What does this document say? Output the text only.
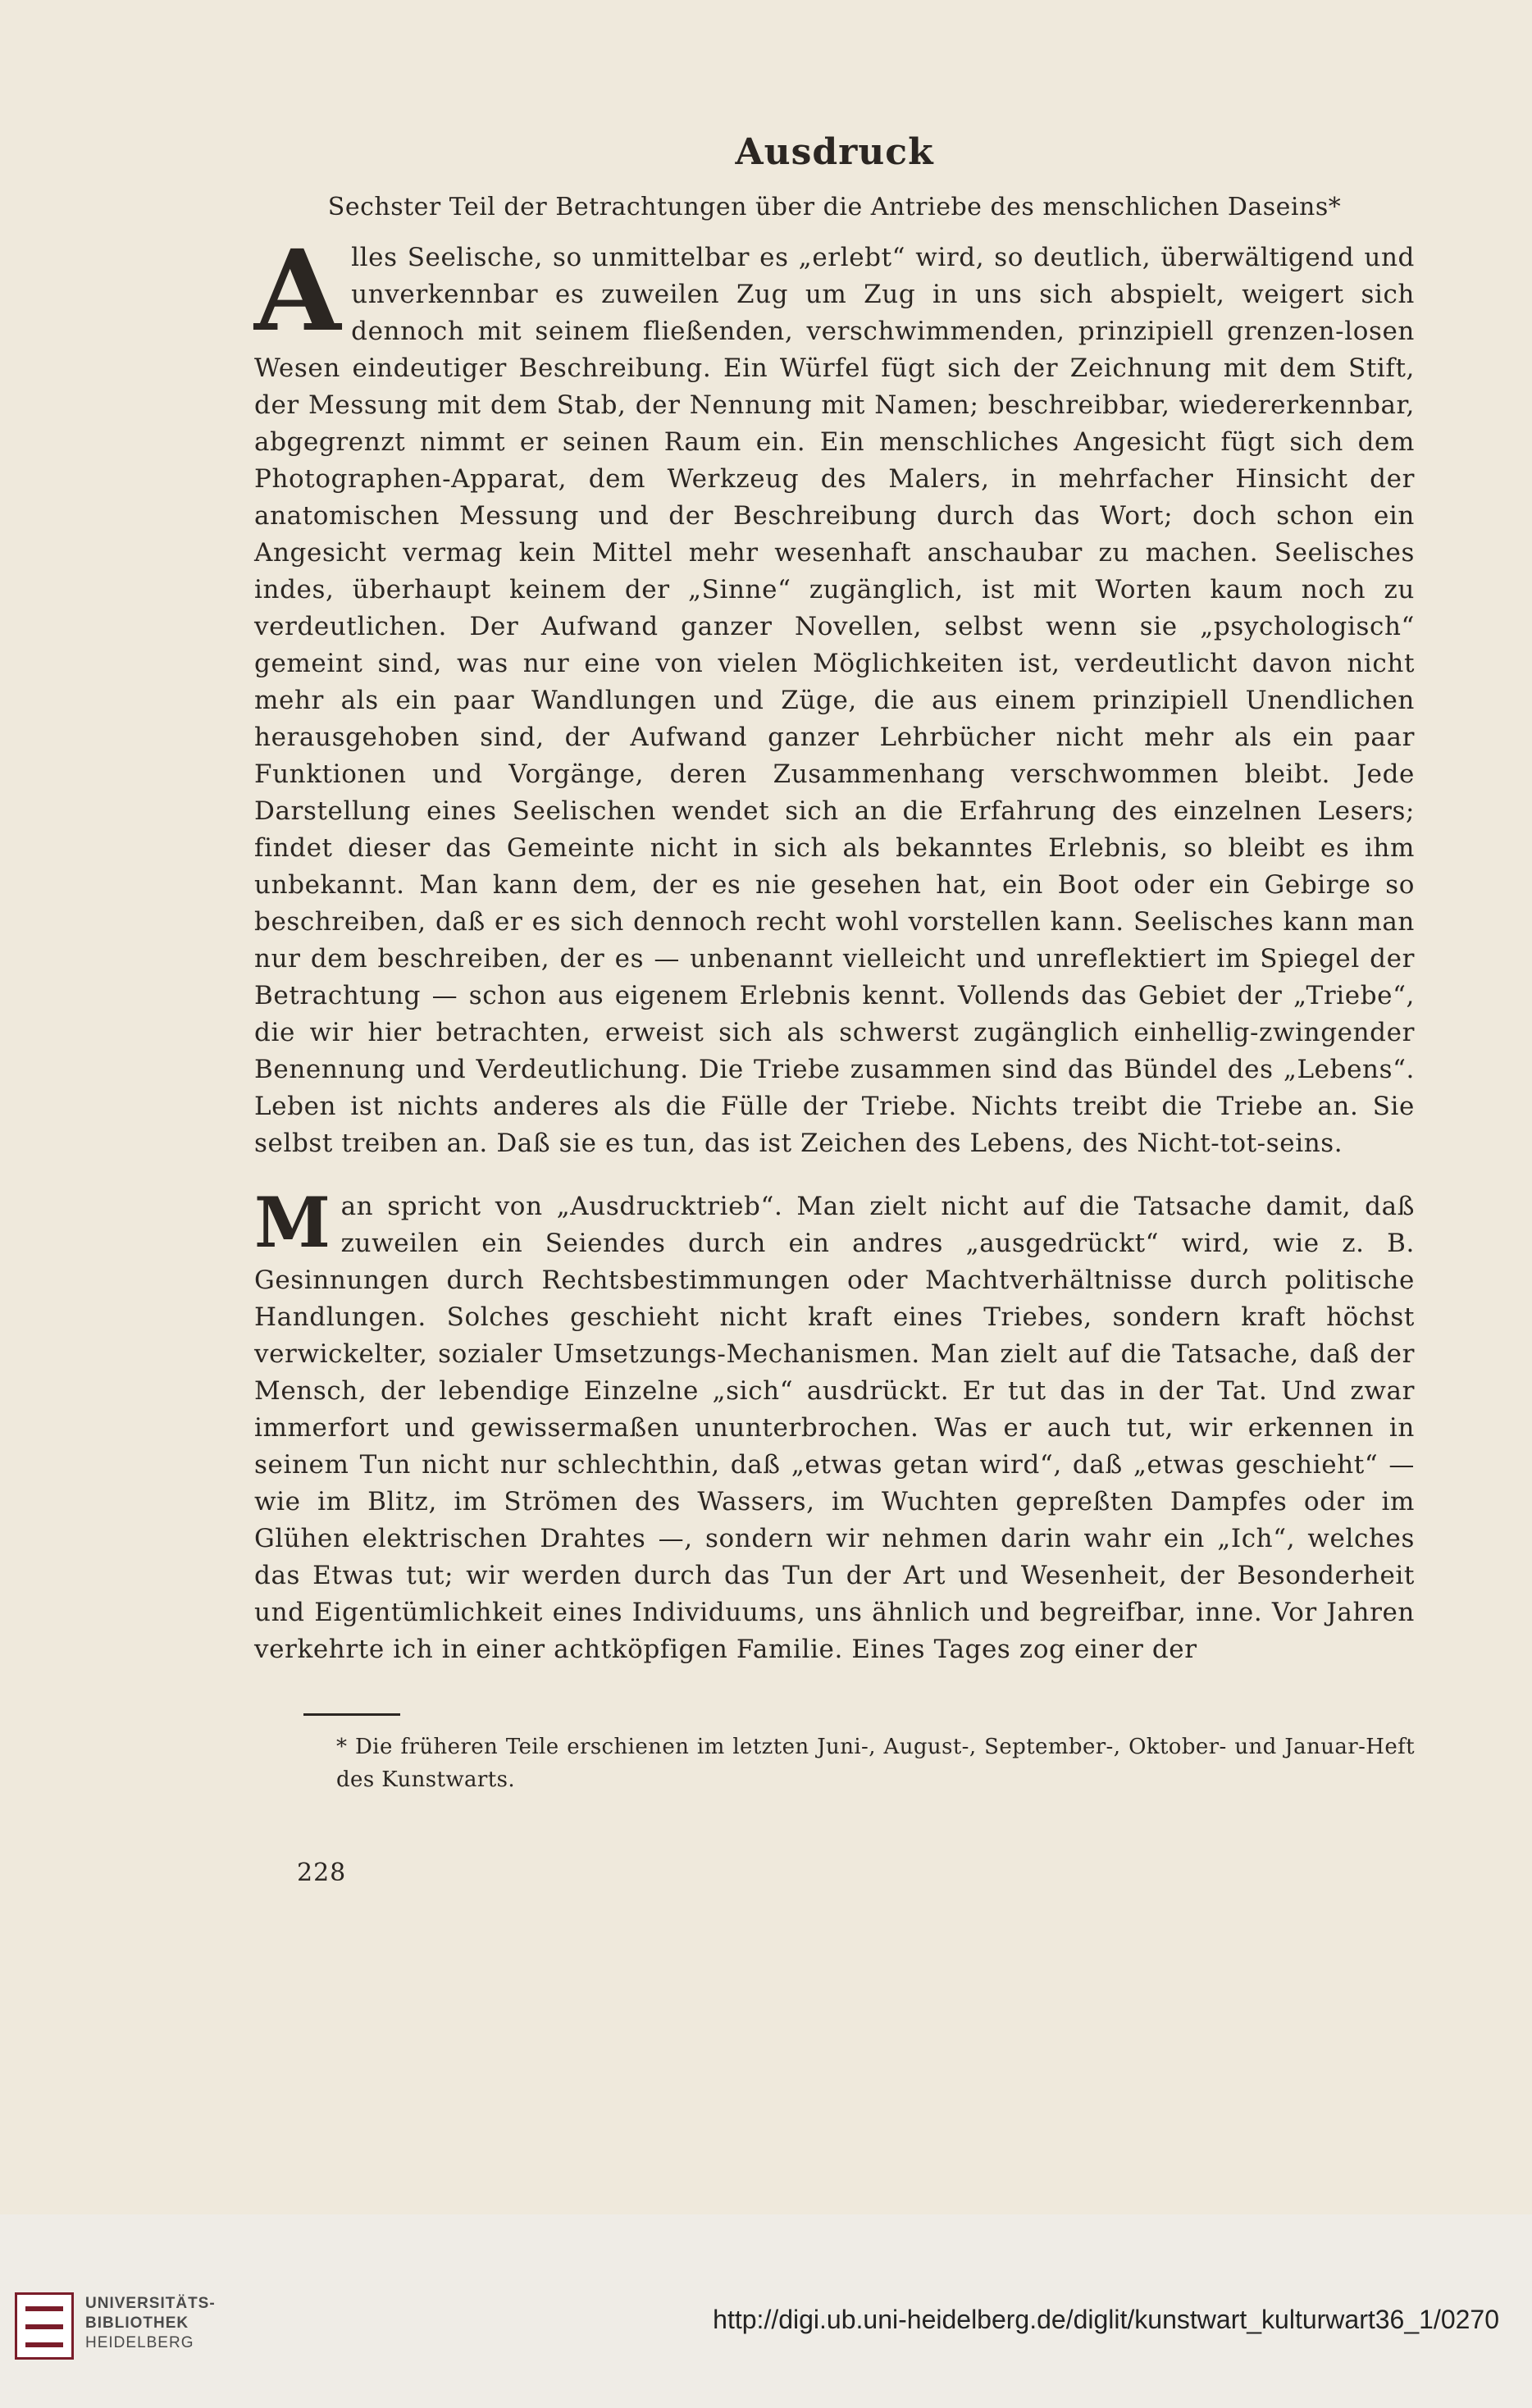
Ausdruck
Sechster Teil der Betrachtungen über die Antriebe des menschlichen Daseins*

A lles Seelische, so unmittelbar es „erlebt“ wird, so deutlich, überwältigend und unverkennbar es zuweilen Zug um Zug in uns sich abspielt, weigert sich dennoch mit seinem fließenden, verschwimmenden, prinzipiell grenzen-losen Wesen eindeutiger Beschreibung. Ein Würfel fügt sich der Zeichnung mit dem Stift, der Messung mit dem Stab, der Nennung mit Namen; beschreibbar, wiedererkennbar, abgegrenzt nimmt er seinen Raum ein. Ein menschliches Angesicht fügt sich dem Photographen-Apparat, dem Werkzeug des Malers, in mehrfacher Hinsicht der anatomischen Messung und der Beschreibung durch das Wort; doch schon ein Angesicht vermag kein Mittel mehr wesenhaft anschaubar zu machen. Seelisches indes, überhaupt keinem der „Sinne“ zugänglich, ist mit Worten kaum noch zu verdeutlichen. Der Aufwand ganzer Novellen, selbst wenn sie „psychologisch“ gemeint sind, was nur eine von vielen Möglichkeiten ist, verdeutlicht davon nicht mehr als ein paar Wandlungen und Züge, die aus einem prinzipiell Unendlichen herausgehoben sind, der Aufwand ganzer Lehrbücher nicht mehr als ein paar Funktionen und Vorgänge, deren Zusammenhang verschwommen bleibt. Jede Darstellung eines Seelischen wendet sich an die Erfahrung des einzelnen Lesers; findet dieser das Gemeinte nicht in sich als bekanntes Erlebnis, so bleibt es ihm unbekannt. Man kann dem, der es nie gesehen hat, ein Boot oder ein Gebirge so beschreiben, daß er es sich dennoch recht wohl vorstellen kann. Seelisches kann man nur dem beschreiben, der es — unbenannt vielleicht und unreflektiert im Spiegel der Betrachtung — schon aus eigenem Erlebnis kennt. Vollends das Gebiet der „Triebe“, die wir hier betrachten, erweist sich als schwerst zugänglich einhellig-zwingender Benennung und Verdeutlichung. Die Triebe zusammen sind das Bündel des „Lebens“. Leben ist nichts anderes als die Fülle der Triebe. Nichts treibt die Triebe an. Sie selbst treiben an. Daß sie es tun, das ist Zeichen des Lebens, des Nicht-tot-seins.

M an spricht von „Ausdrucktrieb“. Man zielt nicht auf die Tatsache damit, daß zuweilen ein Seiendes durch ein andres „ausgedrückt“ wird, wie z. B. Gesinnungen durch Rechtsbestimmungen oder Machtverhältnisse durch politische Handlungen. Solches geschieht nicht kraft eines Triebes, sondern kraft höchst verwickelter, sozialer Umsetzungs-Mechanismen. Man zielt auf die Tatsache, daß der Mensch, der lebendige Einzelne „sich“ ausdrückt. Er tut das in der Tat. Und zwar immerfort und gewissermaßen ununterbrochen. Was er auch tut, wir erkennen in seinem Tun nicht nur schlechthin, daß „etwas getan wird“, daß „etwas geschieht“ — wie im Blitz, im Strömen des Wassers, im Wuchten gepreßten Dampfes oder im Glühen elektrischen Drahtes —, sondern wir nehmen darin wahr ein „Ich“, welches das Etwas tut; wir werden durch das Tun der Art und Wesenheit, der Besonderheit und Eigentümlichkeit eines Individuums, uns ähnlich und begreifbar, inne. Vor Jahren verkehrte ich in einer achtköpfigen Familie. Eines Tages zog einer der

* Die früheren Teile erschienen im letzten Juni-, August-, September-, Oktober- und Januar-Heft des Kunstwarts.

228
UNIVERSITÄTS-
BIBLIOTHEK
HEIDELBERG
http://digi.ub.uni-heidelberg.de/diglit/kunstwart_kulturwart36_1/0270
